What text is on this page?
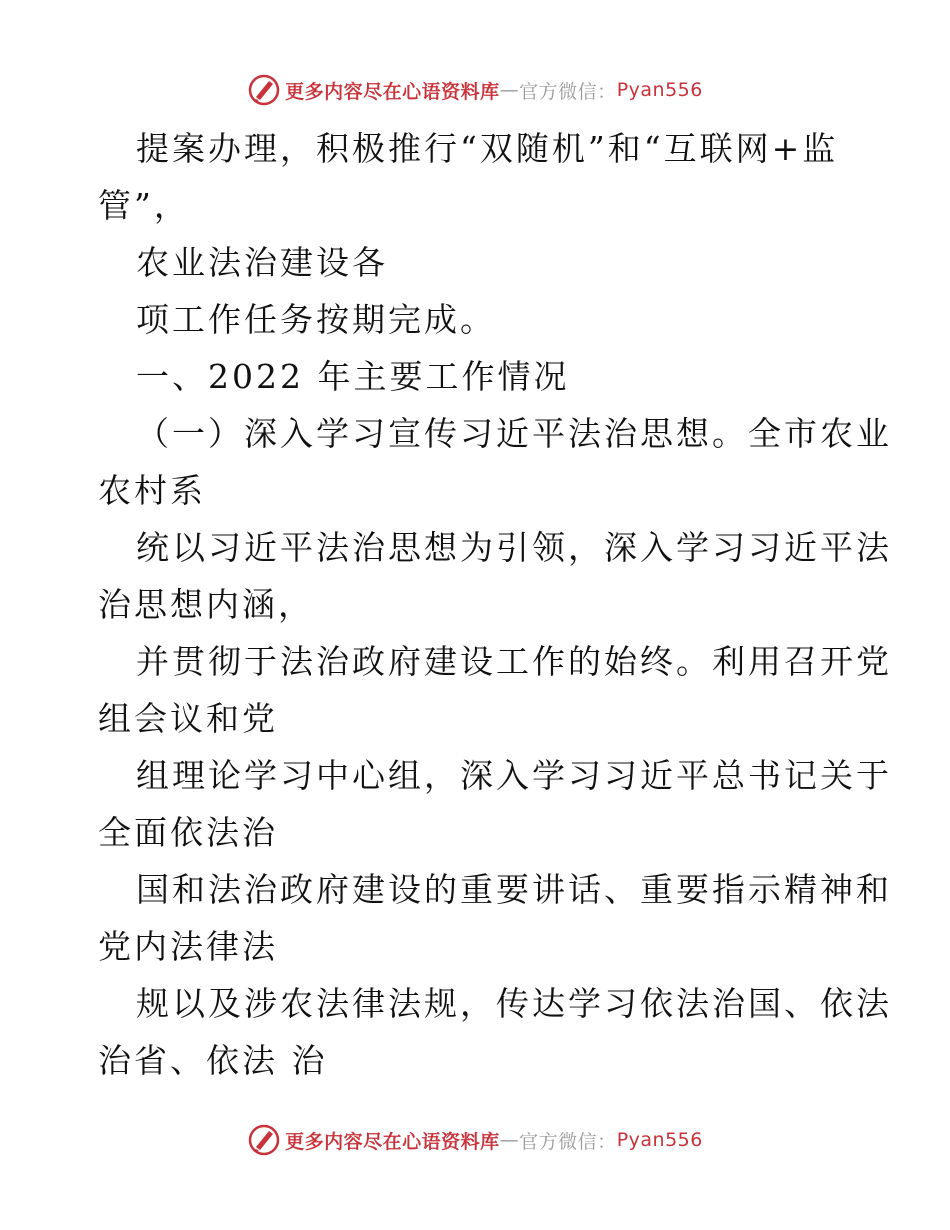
更多内容尽在心语资料库 — 官方微信： Pyan556
提案办理，积极推行“双随机”和“互联网+监
管”，
农业法治建设各
项工作任务按期完成。
一、2022 年主要工作情况
（一）深入学习宣传习近平法治思想。全市农业
农村系
统以习近平法治思想为引领，深入学习习近平法
治思想内涵，
并贯彻于法治政府建设工作的始终。利用召开党
组会议和党
组理论学习中心组，深入学习习近平总书记关于
全面依法治
国和法治政府建设的重要讲话、重要指示精神和
党内法律法
规以及涉农法律法规，传达学习依法治国、依法
治省、依法 治
更多内容尽在心语资料库 — 官方微信： Pyan556
